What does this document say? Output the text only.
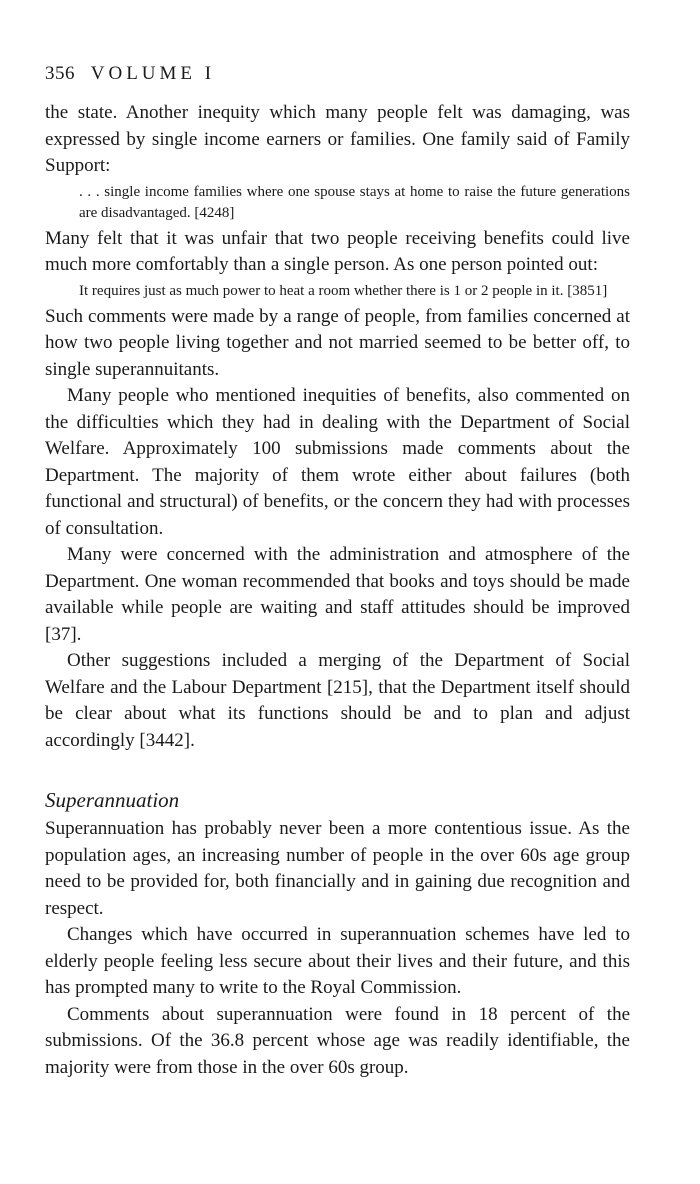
356 VOLUME I

the state. Another inequity which many people felt was damaging, was expressed by single income earners or families. One family said of Family Support:

. . . single income families where one spouse stays at home to raise the future generations are disadvantaged. [4248]

Many felt that it was unfair that two people receiving benefits could live much more comfortably than a single person. As one person pointed out:

It requires just as much power to heat a room whether there is 1 or 2 people in it. [3851]

Such comments were made by a range of people, from families concerned at how two people living together and not married seemed to be better off, to single superannuitants.

Many people who mentioned inequities of benefits, also commented on the difficulties which they had in dealing with the Department of Social Welfare. Approximately 100 submissions made comments about the Department. The majority of them wrote either about failures (both functional and structural) of benefits, or the concern they had with processes of consultation.

Many were concerned with the administration and atmosphere of the Department. One woman recommended that books and toys should be made available while people are waiting and staff attitudes should be improved [37].

Other suggestions included a merging of the Department of Social Welfare and the Labour Department [215], that the Department itself should be clear about what its functions should be and to plan and adjust accordingly [3442].

Superannuation

Superannuation has probably never been a more contentious issue. As the population ages, an increasing number of people in the over 60s age group need to be provided for, both financially and in gaining due recognition and respect.

Changes which have occurred in superannuation schemes have led to elderly people feeling less secure about their lives and their future, and this has prompted many to write to the Royal Commission.

Comments about superannuation were found in 18 percent of the submissions. Of the 36.8 percent whose age was readily identifiable, the majority were from those in the over 60s group.
